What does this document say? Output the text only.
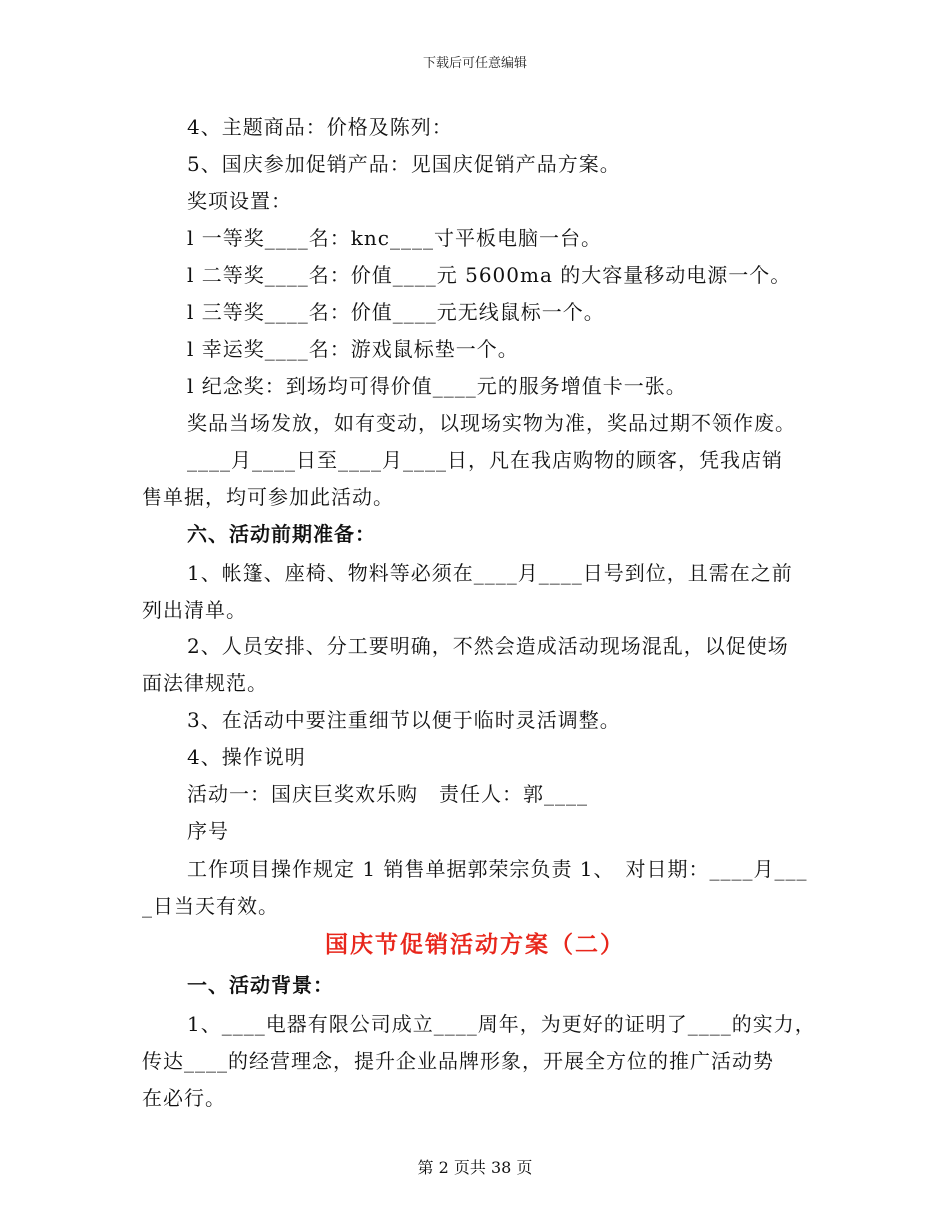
下载后可任意编辑
4、主题商品：价格及陈列：
5、国庆参加促销产品：见国庆促销产品方案。
奖项设置：
l 一等奖____名：knc____寸平板电脑一台。
l 二等奖____名：价值____元 5600ma 的大容量移动电源一个。
l 三等奖____名：价值____元无线鼠标一个。
l 幸运奖____名：游戏鼠标垫一个。
l 纪念奖：到场均可得价值____元的服务增值卡一张。
奖品当场发放，如有变动，以现场实物为准，奖品过期不领作废。
____月____日至____月____日，凡在我店购物的顾客，凭我店销
售单据，均可参加此活动。
六、活动前期准备：
1、帐篷、座椅、物料等必须在____月____日号到位，且需在之前
列出清单。
2、人员安排、分工要明确，不然会造成活动现场混乱，以促使场
面法律规范。
3、在活动中要注重细节以便于临时灵活调整。
4、操作说明
活动一：国庆巨奖欢乐购　责任人：郭____
序号
工作项目操作规定 1 销售单据郭荣宗负责 1、　对日期：____月___
_日当天有效。
国庆节促销活动方案（二）
一、活动背景：
1、____电器有限公司成立____周年，为更好的证明了____的实力，
传达____的经营理念，提升企业品牌形象，开展全方位的推广活动势
在必行。
第 2 页共 38 页
